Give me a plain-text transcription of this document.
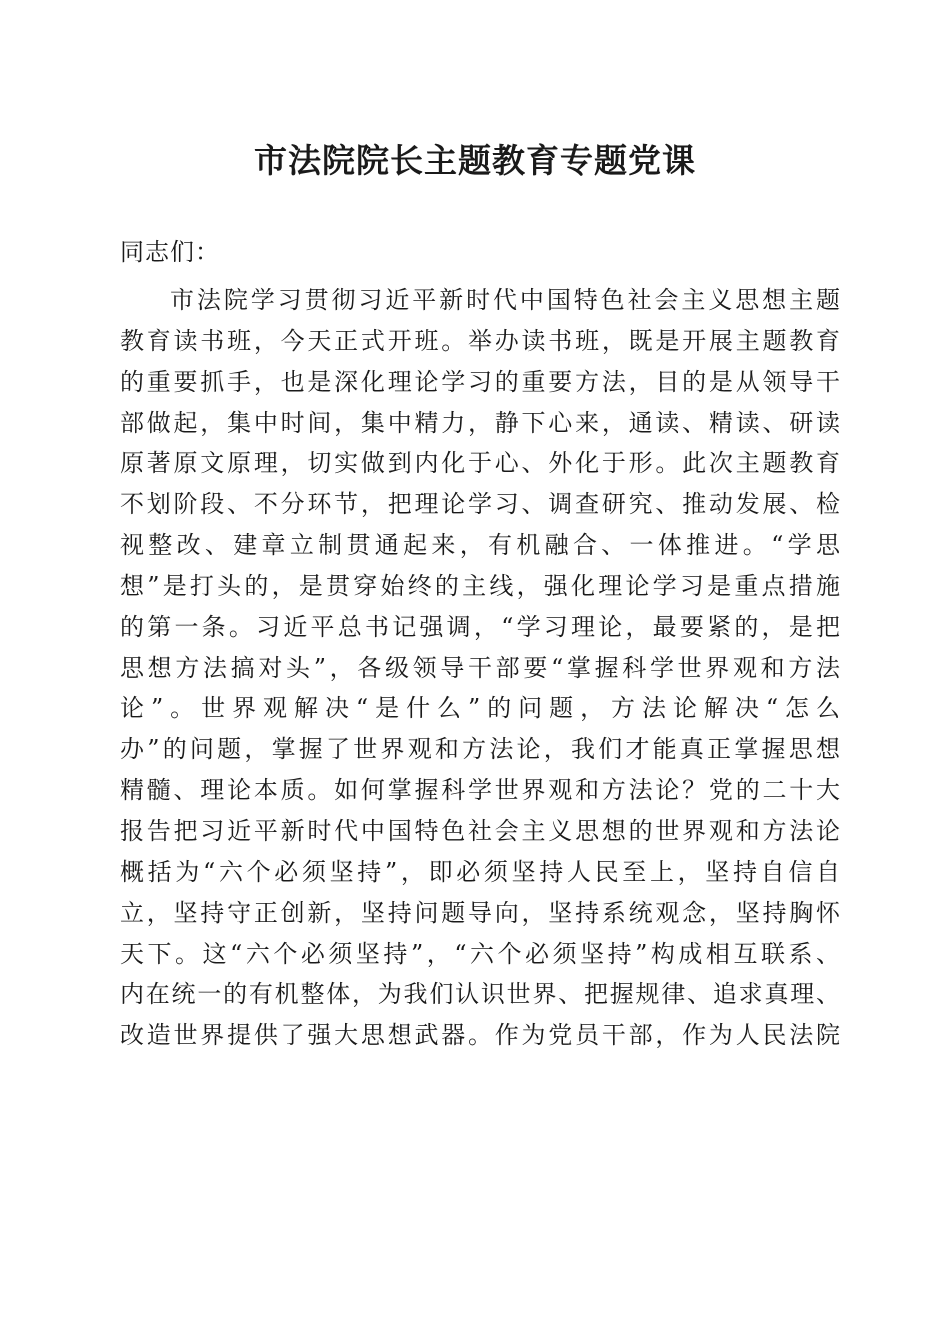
市法院院长主题教育专题党课
同志们：
市法院学习贯彻习近平新时代中国特色社会主义思想主题
教育读书班，今天正式开班。举办读书班，既是开展主题教育
的重要抓手，也是深化理论学习的重要方法，目的是从领导干
部做起，集中时间，集中精力，静下心来，通读、精读、研读
原著原文原理，切实做到内化于心、外化于形。此次主题教育
不划阶段、不分环节，把理论学习、调查研究、推动发展、检
视整改、建章立制贯通起来，有机融合、一体推进。“学思
想”是打头的，是贯穿始终的主线，强化理论学习是重点措施
的第一条。习近平总书记强调，“学习理论，最要紧的，是把
思想方法搞对头”，各级领导干部要“掌握科学世界观和方法
论”。世界观解决“是什么”的问题，方法论解决“怎么
办”的问题，掌握了世界观和方法论，我们才能真正掌握思想
精髓、理论本质。如何掌握科学世界观和方法论？党的二十大
报告把习近平新时代中国特色社会主义思想的世界观和方法论
概括为“六个必须坚持”，即必须坚持人民至上，坚持自信自
立，坚持守正创新，坚持问题导向，坚持系统观念，坚持胸怀
天下。这“六个必须坚持”，“六个必须坚持”构成相互联系、
内在统一的有机整体，为我们认识世界、把握规律、追求真理、
改造世界提供了强大思想武器。作为党员干部，作为人民法院
